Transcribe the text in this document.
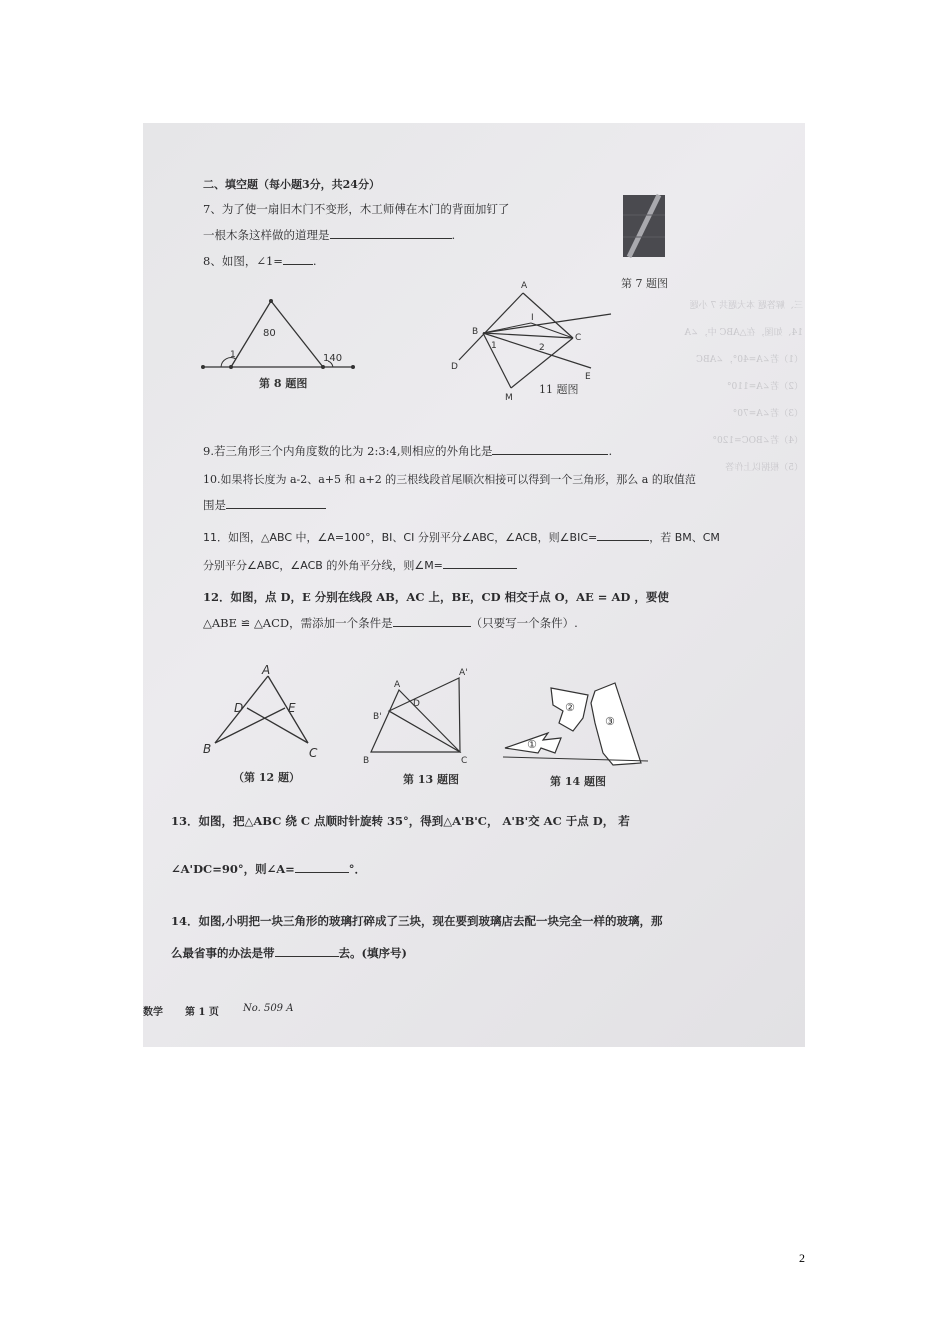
三、解答题 本大题共 7 小题
14、如图，在△ABC 中，∠A
（1）若∠A=40°，∠ABC
（2）若∠A=110°
（3）若∠A=70°
（4）若∠BOC=120°
（5）根据以上作答
二、填空题（每小题3分，共24分）
7、为了使一扇旧木门不变形，木工师傅在木门的背面加钉了
一根木条这样做的道理是	.
第 7 题图
8、如图，∠1=	.
80
140
1
第 8 题图
A
B
C
D
E
M
I
1	2
11 题图
9.若三角形三个内角度数的比为 2:3:4,则相应的外角比是	.
10.如果将长度为 a-2、a+5 和 a+2 的三根线段首尾顺次相接可以得到一个三角形，那么 a 的取值范
围是
11．如图，△ABC 中，∠A=100°，BI、CI 分别平分∠ABC，∠ACB，则∠BIC=	，若 BM、CM
分别平分∠ABC，∠ACB 的外角平分线，则∠M=
12．如图，点 D，E 分别在线段 AB，AC 上，BE，CD 相交于点 O，AE = AD ，要使
△ABE ≌ △ACD，需添加一个条件是	（只要写一个条件）.
A
B	C
D	E
（第 12 题）
A
A'
B
B'
C
D
第 13 题图
①
②
③
第 14 题图
13．如图，把△ABC 绕 C 点顺时针旋转 35°，得到△A'B'C， A'B'交 AC 于点 D， 若
∠A'DC=90°，则∠A=	°．
14．如图,小明把一块三角形的玻璃打碎成了三块，现在要到玻璃店去配一块完全一样的玻璃，那
么最省事的办法是带	去。(填序号)
数学 第 1 页 No. 509 A
2
